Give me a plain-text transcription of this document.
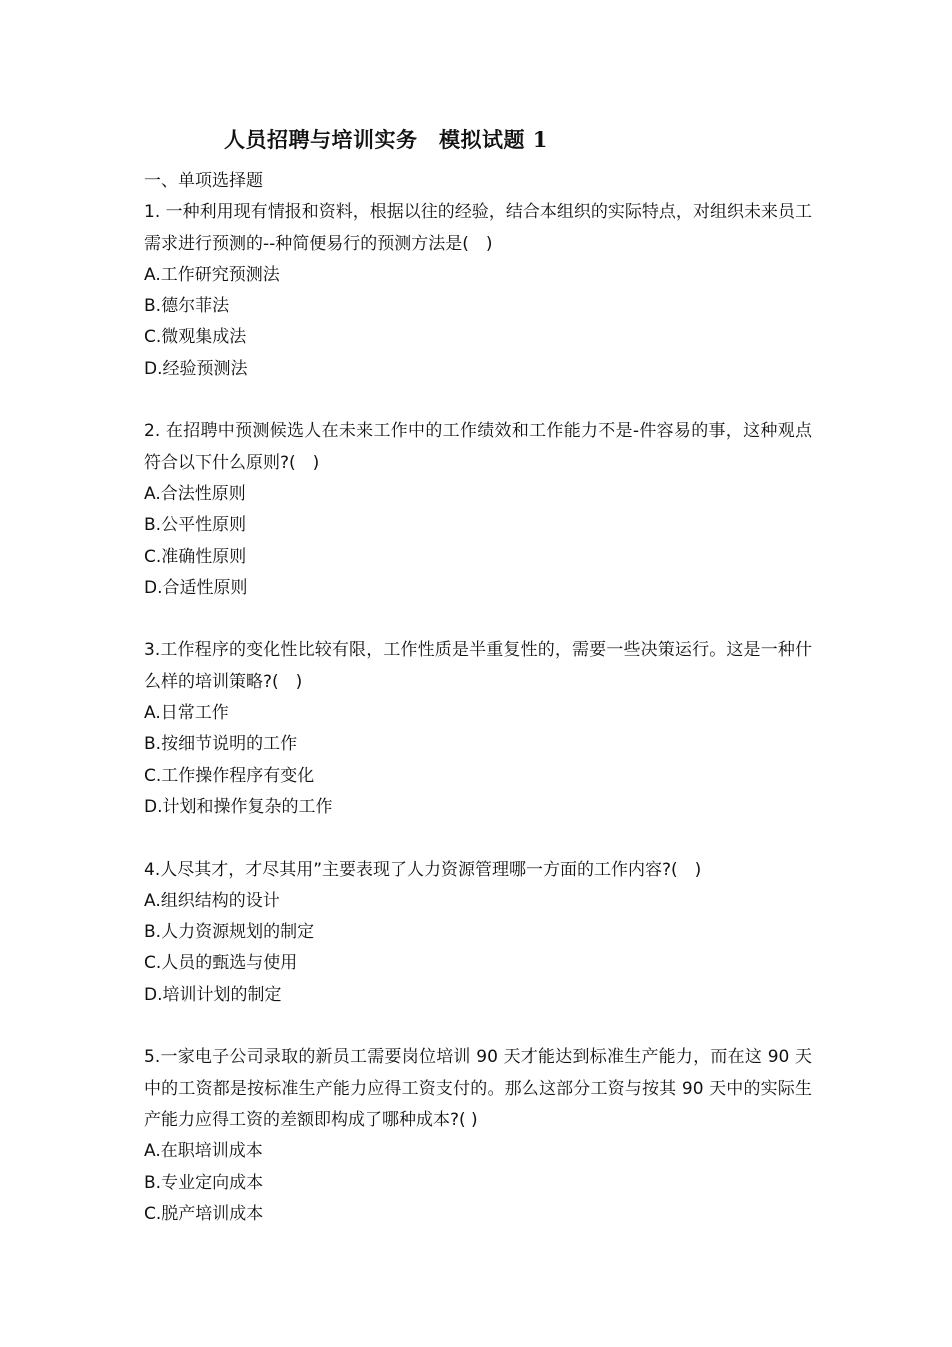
人员招聘与培训实务　模拟试题 1

一、单项选择题

1. 一种利用现有情报和资料，根据以往的经验，结合本组织的实际特点，对组织未来员工需求进行预测的--种简便易行的预测方法是(　)

A.工作研究预测法

B.德尔菲法

C.微观集成法

D.经验预测法

2. 在招聘中预测候选人在未来工作中的工作绩效和工作能力不是-件容易的事，这种观点符合以下什么原则?(　)

A.合法性原则

B.公平性原则

C.准确性原则

D.合适性原则

3.工作程序的变化性比较有限，工作性质是半重复性的，需要一些决策运行。这是一种什么样的培训策略?(　)

A.日常工作

B.按细节说明的工作

C.工作操作程序有变化

D.计划和操作复杂的工作

4.人尽其才，才尽其用”主要表现了人力资源管理哪一方面的工作内容?(　)

A.组织结构的设计

B.人力资源规划的制定

C.人员的甄选与使用

D.培训计划的制定

5.一家电子公司录取的新员工需要岗位培训 90 天才能达到标准生产能力，而在这 90 天中的工资都是按标准生产能力应得工资支付的。那么这部分工资与按其 90 天中的实际生产能力应得工资的差额即构成了哪种成本?( )

A.在职培训成本

B.专业定向成本

C.脱产培训成本
